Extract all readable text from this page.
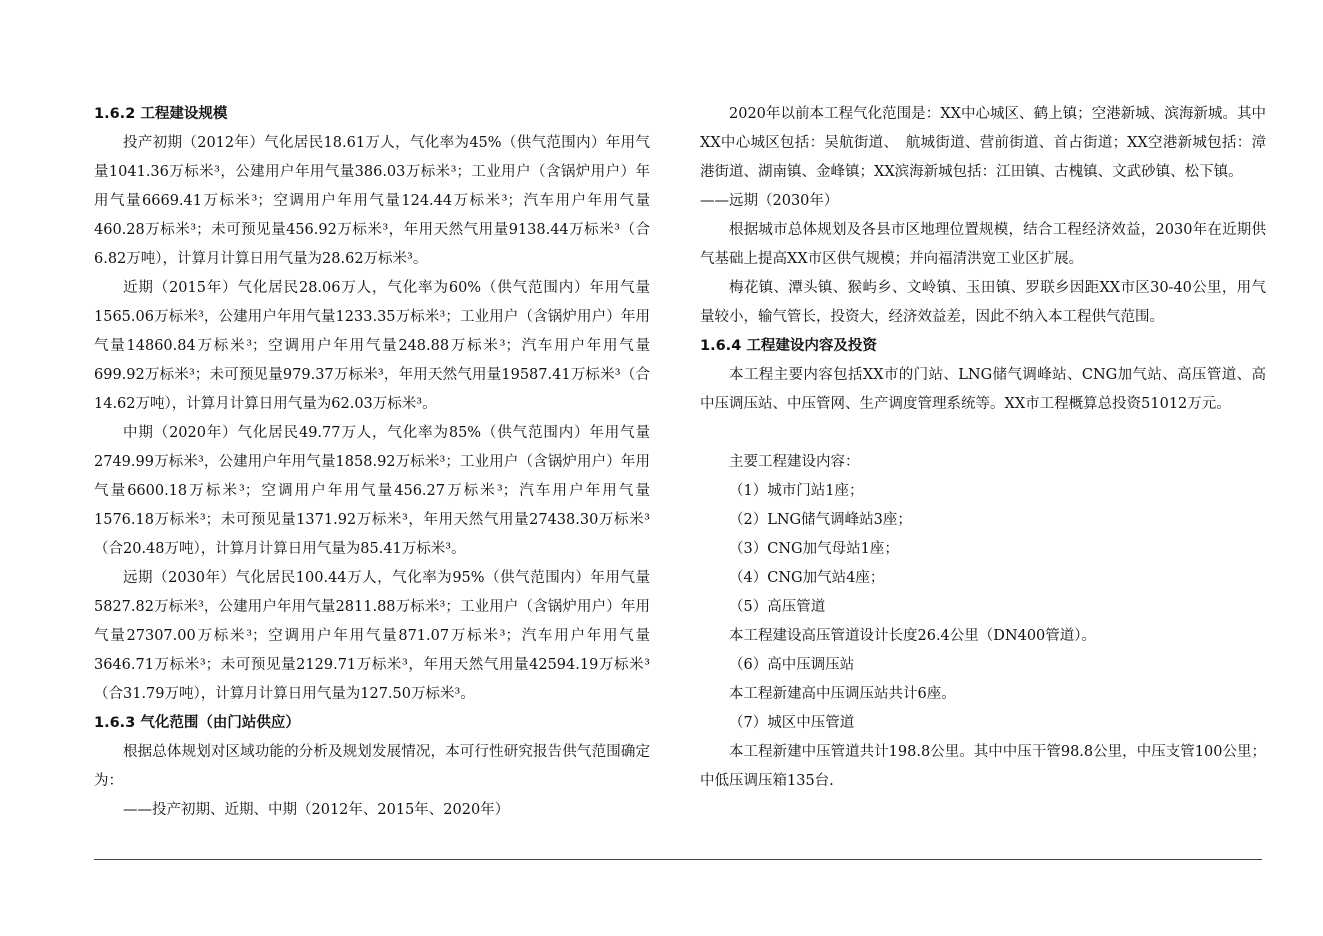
1.6.2 工程建设规模

投产初期（2012年）气化居民18.61万人，气化率为45%（供气范围内）年用气量1041.36万标米³，公建用户年用气量386.03万标米³；工业用户（含锅炉用户）年用气量6669.41万标米³；空调用户年用气量124.44万标米³；汽车用户年用气量460.28万标米³；未可预见量456.92万标米³，年用天然气用量9138.44万标米³（合6.82万吨），计算月计算日用气量为28.62万标米³。

近期（2015年）气化居民28.06万人，气化率为60%（供气范围内）年用气量1565.06万标米³，公建用户年用气量1233.35万标米³；工业用户（含锅炉用户）年用气量14860.84万标米³；空调用户年用气量248.88万标米³；汽车用户年用气量699.92万标米³；未可预见量979.37万标米³，年用天然气用量19587.41万标米³（合14.62万吨），计算月计算日用气量为62.03万标米³。

中期（2020年）气化居民49.77万人，气化率为85%（供气范围内）年用气量2749.99万标米³，公建用户年用气量1858.92万标米³；工业用户（含锅炉用户）年用气量6600.18万标米³；空调用户年用气量456.27万标米³；汽车用户年用气量1576.18万标米³；未可预见量1371.92万标米³，年用天然气用量27438.30万标米³（合20.48万吨），计算月计算日用气量为85.41万标米³。

远期（2030年）气化居民100.44万人，气化率为95%（供气范围内）年用气量5827.82万标米³，公建用户年用气量2811.88万标米³；工业用户（含锅炉用户）年用气量27307.00万标米³；空调用户年用气量871.07万标米³；汽车用户年用气量3646.71万标米³；未可预见量2129.71万标米³，年用天然气用量42594.19万标米³（合31.79万吨），计算月计算日用气量为127.50万标米³。

1.6.3 气化范围（由门站供应）

根据总体规划对区域功能的分析及规划发展情况，本可行性研究报告供气范围确定为：

——投产初期、近期、中期（2012年、2015年、2020年）

2020年以前本工程气化范围是：XX中心城区、鹤上镇；空港新城、滨海新城。其中XX中心城区包括：吴航街道、　航城街道、营前街道、首占街道；XX空港新城包括：漳港街道、湖南镇、金峰镇；XX滨海新城包括：江田镇、古槐镇、文武砂镇、松下镇。

——远期（2030年）

根据城市总体规划及各县市区地理位置规模，结合工程经济效益，2030年在近期供气基础上提高XX市区供气规模；并向福清洪宽工业区扩展。

梅花镇、潭头镇、猴屿乡、文岭镇、玉田镇、罗联乡因距XX市区30-40公里，用气量较小，输气管长，投资大，经济效益差，因此不纳入本工程供气范围。

1.6.4 工程建设内容及投资

本工程主要内容包括XX市的门站、LNG储气调峰站、CNG加气站、高压管道、高中压调压站、中压管网、生产调度管理系统等。XX市工程概算总投资51012万元。

主要工程建设内容：

（1）城市门站1座；

（2）LNG储气调峰站3座；

（3）CNG加气母站1座；

（4）CNG加气站4座；

（5）高压管道

本工程建设高压管道设计长度26.4公里（DN400管道）。

（6）高中压调压站

本工程新建高中压调压站共计6座。

（7）城区中压管道

本工程新建中压管道共计198.8公里。其中中压干管98.8公里，中压支管100公里；中低压调压箱135台.
